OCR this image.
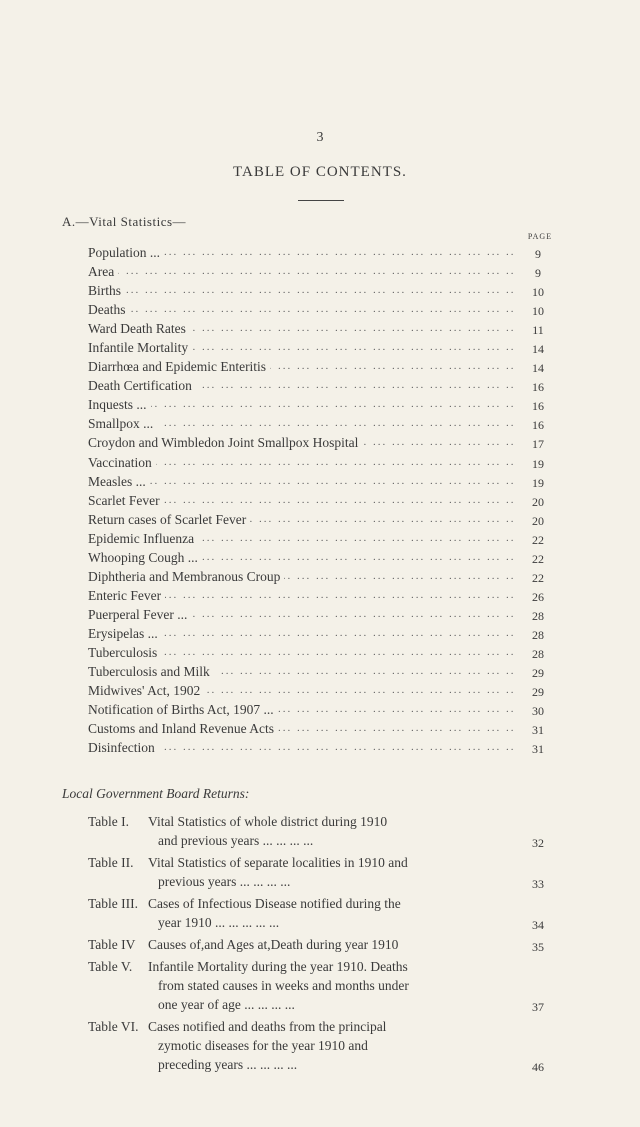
3
TABLE OF CONTENTS.
A.—Vital Statistics—
PAGE
... .
Population ...	9
... .
Area	9
... .
Births	10
... .
Deaths	10
... .
Ward Death Rates	11
... .
Infantile Mortality	14
... .
Diarrhœa and Epidemic Enteritis	14
... .
Death Certification	16
... .
Inquests ...	16
... .
Smallpox ...	16
... .
Croydon and Wimbledon Joint Smallpox Hospital	17
... .
Vaccination	19
... .
Measles ...	19
... .
Scarlet Fever	20
... .
Return cases of Scarlet Fever	20
... .
Epidemic Influenza	22
... .
Whooping Cough ...	22
... .
Diphtheria and Membranous Croup	22
... .
Enteric Fever	26
... .
Puerperal Fever ...	28
... .
Erysipelas ...	28
... .
Tuberculosis	28
... .
Tuberculosis and Milk	29
... .
Midwives' Act, 1902	29
... .
Notification of Births Act, 1907 ...	30
... .
Customs and Inland Revenue Acts	31
... .
Disinfection	31
Local Government Board Returns:
Table I. Vital Statistics of whole district during 1910
and previous years ... ... ... ...	32
Table II. Vital Statistics of separate localities in 1910 and
previous years ... ... ... ...	33
Table III. Cases of Infectious Disease notified during the
year 1910 ... ... ... ... ...	34
Table IV Causes of,and Ages at,Death during year 1910	35
Table V. Infantile Mortality during the year 1910. Deaths
from stated causes in weeks and months under
one year of age ... ... ... ...	37
Table VI. Cases notified and deaths from the principal
zymotic diseases for the year 1910 and
preceding years ... ... ... ...	46
